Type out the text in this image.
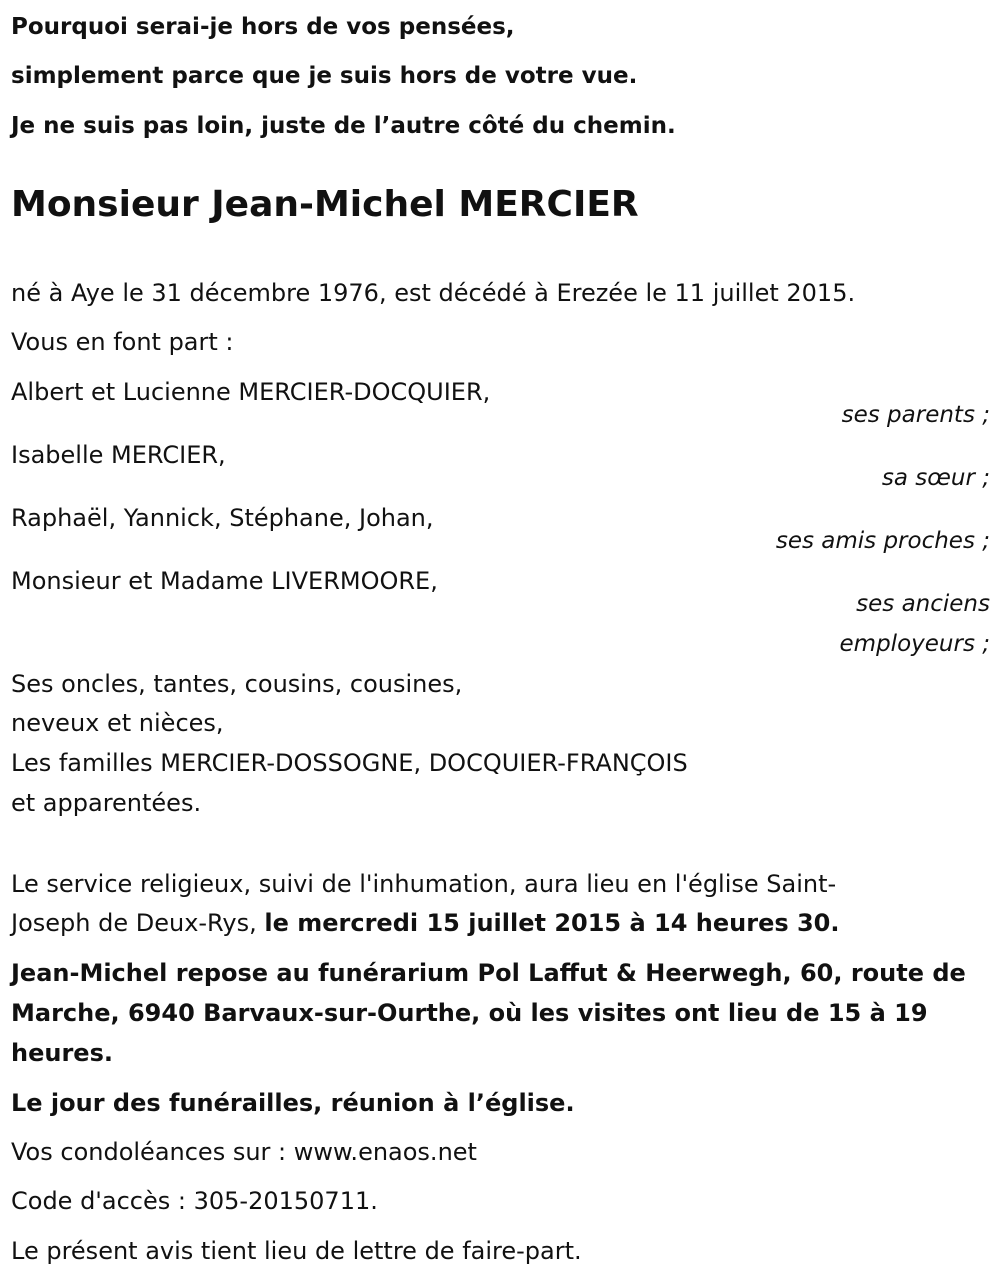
Pourquoi serai-je hors de vos pensées,
simplement parce que je suis hors de votre vue.
Je ne suis pas loin, juste de l’autre côté du chemin.
Monsieur Jean-Michel MERCIER
né à Aye le 31 décembre 1976, est décédé à Erezée le 11 juillet 2015.
Vous en font part :
Albert et Lucienne MERCIER-DOCQUIER,
ses parents ;
Isabelle MERCIER,
sa sœur ;
Raphaël, Yannick, Stéphane, Johan,
ses amis proches ;
Monsieur et Madame LIVERMOORE,
ses anciens
employeurs ;
Ses oncles, tantes, cousins, cousines,
neveux et nièces,
Les familles MERCIER-DOSSOGNE, DOCQUIER-FRANÇOIS
et apparentées.
Le service religieux, suivi de l'inhumation, aura lieu en l'église Saint-
Joseph de Deux-Rys, le mercredi 15 juillet 2015 à 14 heures 30.
Jean-Michel repose au funérarium Pol Laffut & Heerwegh, 60, route de
Marche, 6940 Barvaux-sur-Ourthe, où les visites ont lieu de 15 à 19
heures.
Le jour des funérailles, réunion à l’église.
Vos condoléances sur : www.enaos.net
Code d'accès : 305-20150711.
Le présent avis tient lieu de lettre de faire-part.
